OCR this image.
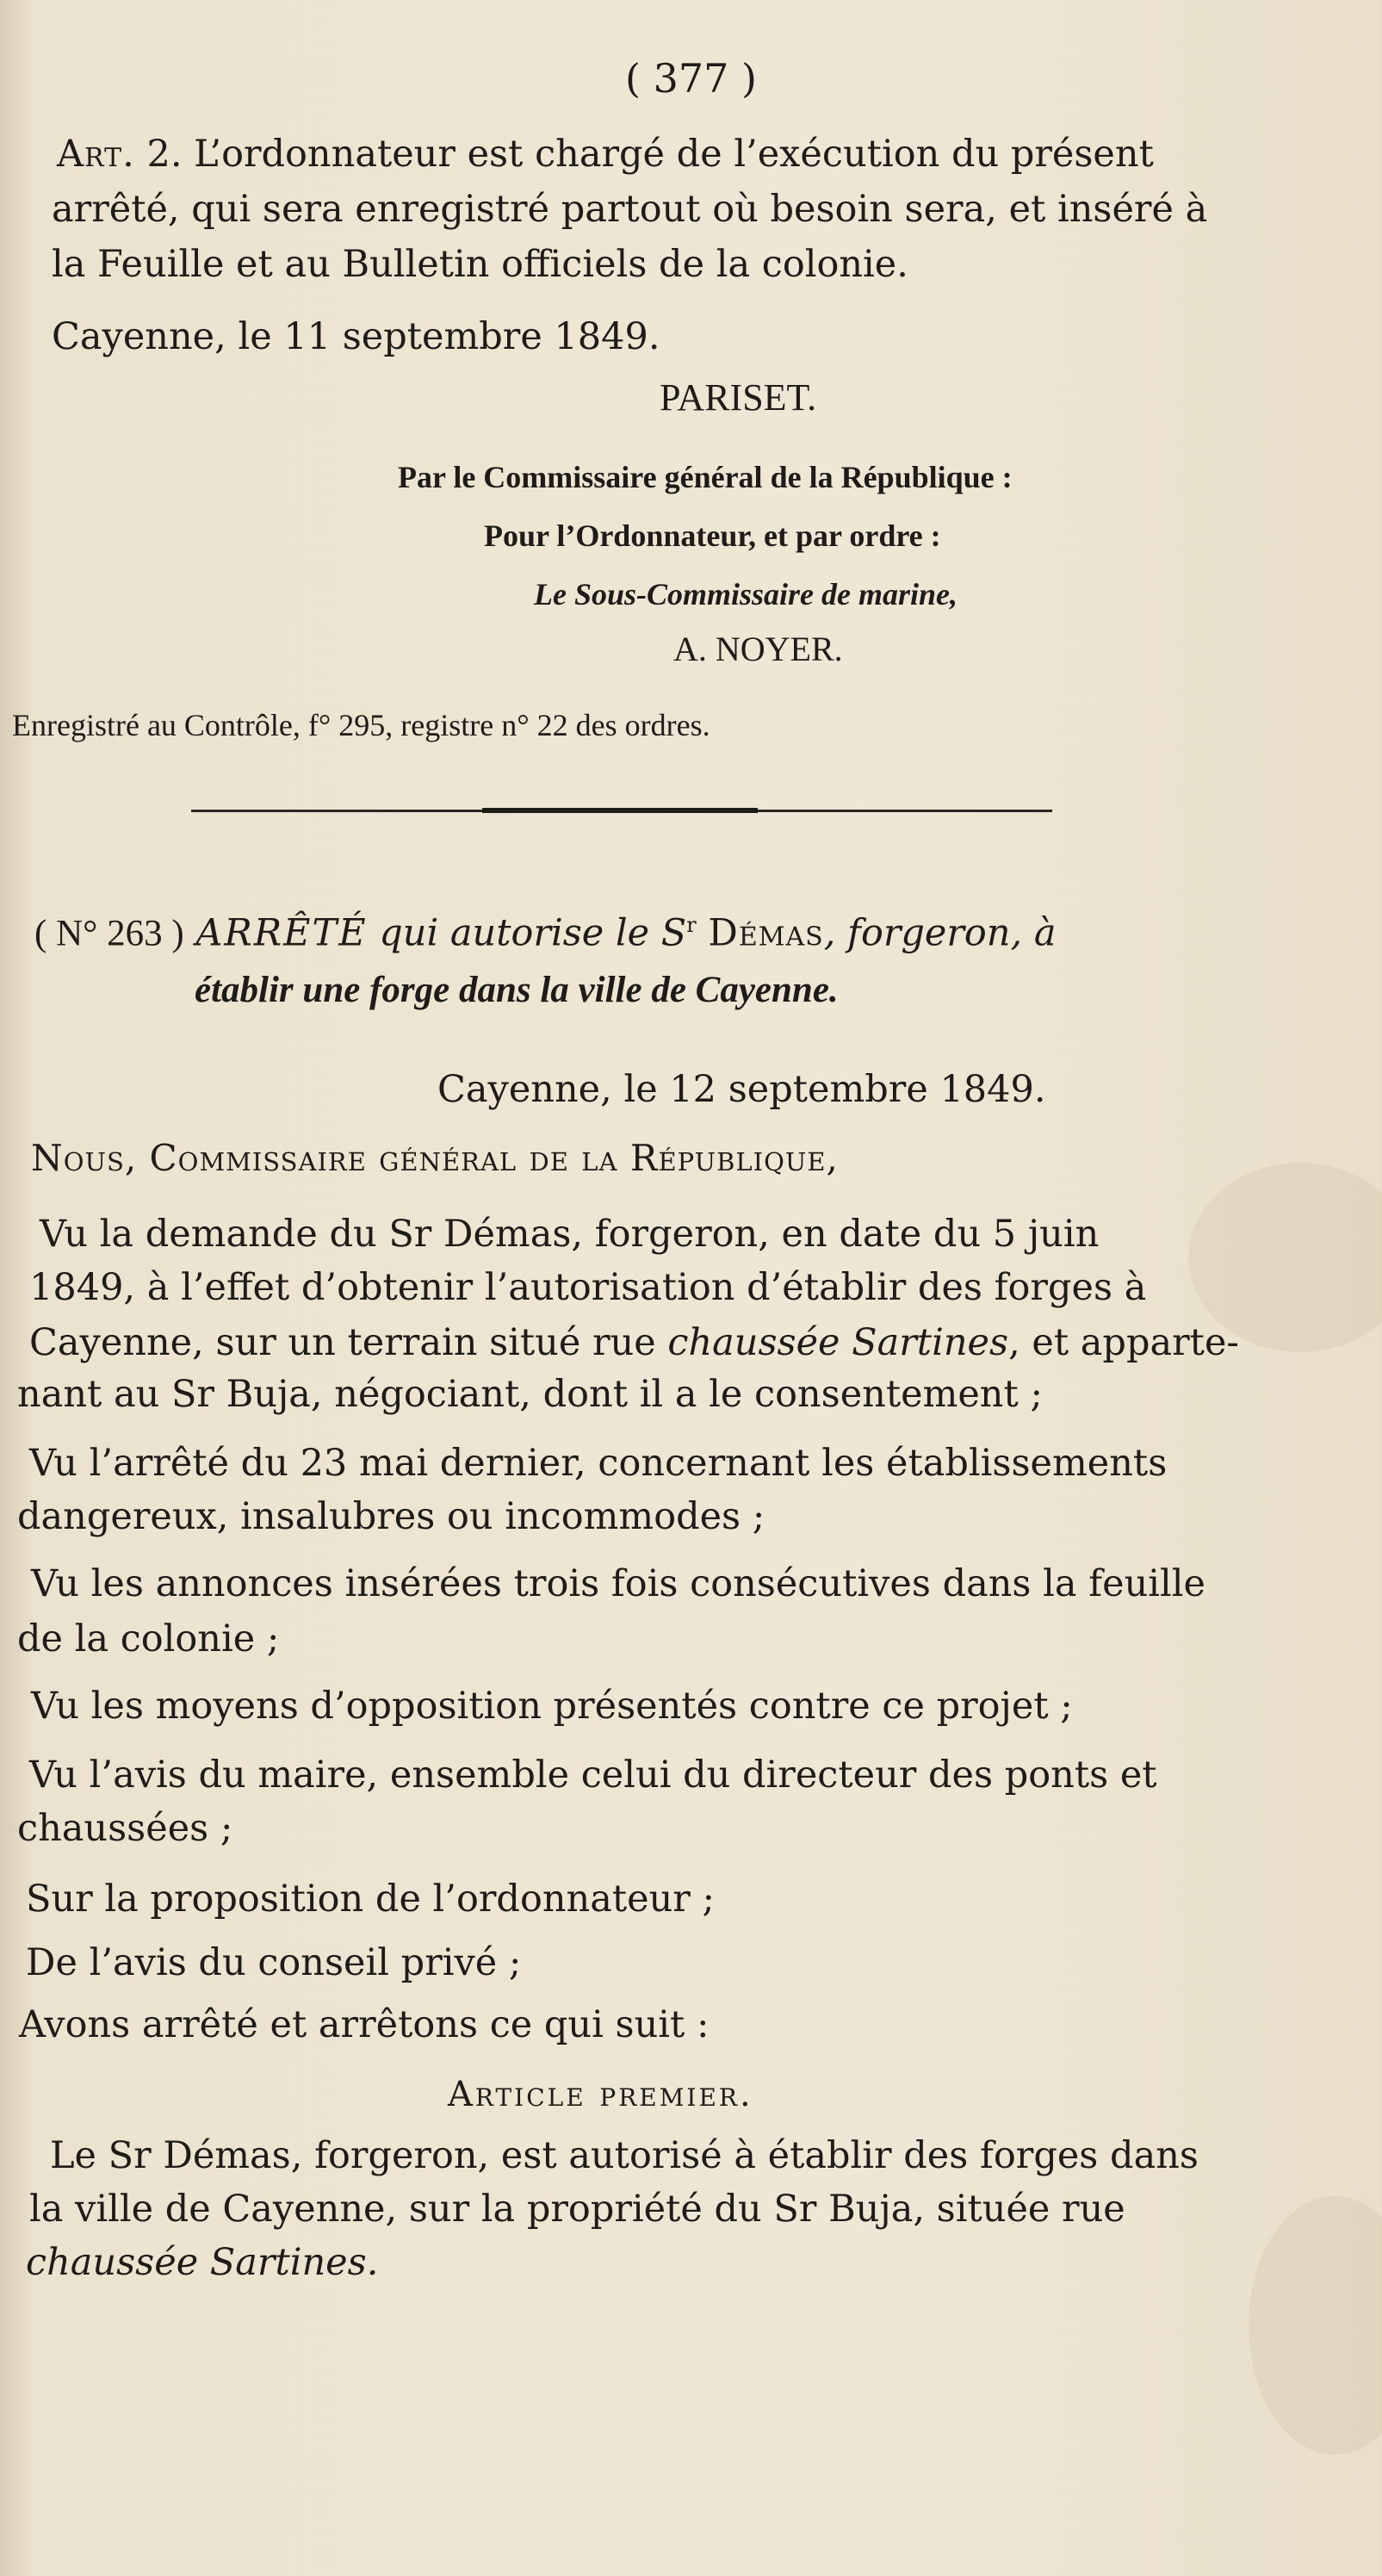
( 377 )
Art. 2. L’ordonnateur est chargé de l’exécution du présent
arrêté, qui sera enregistré partout où besoin sera, et inséré à
la Feuille et au Bulletin officiels de la colonie.
Cayenne, le 11 septembre 1849.
PARISET.
Par le Commissaire général de la République :
Pour l’Ordonnateur, et par ordre :
Le Sous-Commissaire de marine,
A. NOYER.
Enregistré au Contrôle, f° 295, registre n° 22 des ordres.
( N° 263 ) ARRÊTÉ qui autorise le $S^r$ Démas, forgeron, à
établir une forge dans la ville de Cayenne.
Cayenne, le 12 septembre 1849.
Nous, Commissaire général de la République,
Vu la demande du Sr Démas, forgeron, en date du 5 juin
1849, à l’effet d’obtenir l’autorisation d’établir des forges à
Cayenne, sur un terrain situé rue chaussée Sartines, et apparte-
nant au Sr Buja, négociant, dont il a le consentement ;
Vu l’arrêté du 23 mai dernier, concernant les établissements
dangereux, insalubres ou incommodes ;
Vu les annonces insérées trois fois consécutives dans la feuille
de la colonie ;
Vu les moyens d’opposition présentés contre ce projet ;
Vu l’avis du maire, ensemble celui du directeur des ponts et
chaussées ;
Sur la proposition de l’ordonnateur ;
De l’avis du conseil privé ;
Avons arrêté et arrêtons ce qui suit :
Article premier.
Le Sr Démas, forgeron, est autorisé à établir des forges dans
la ville de Cayenne, sur la propriété du Sr Buja, située rue
chaussée Sartines.
